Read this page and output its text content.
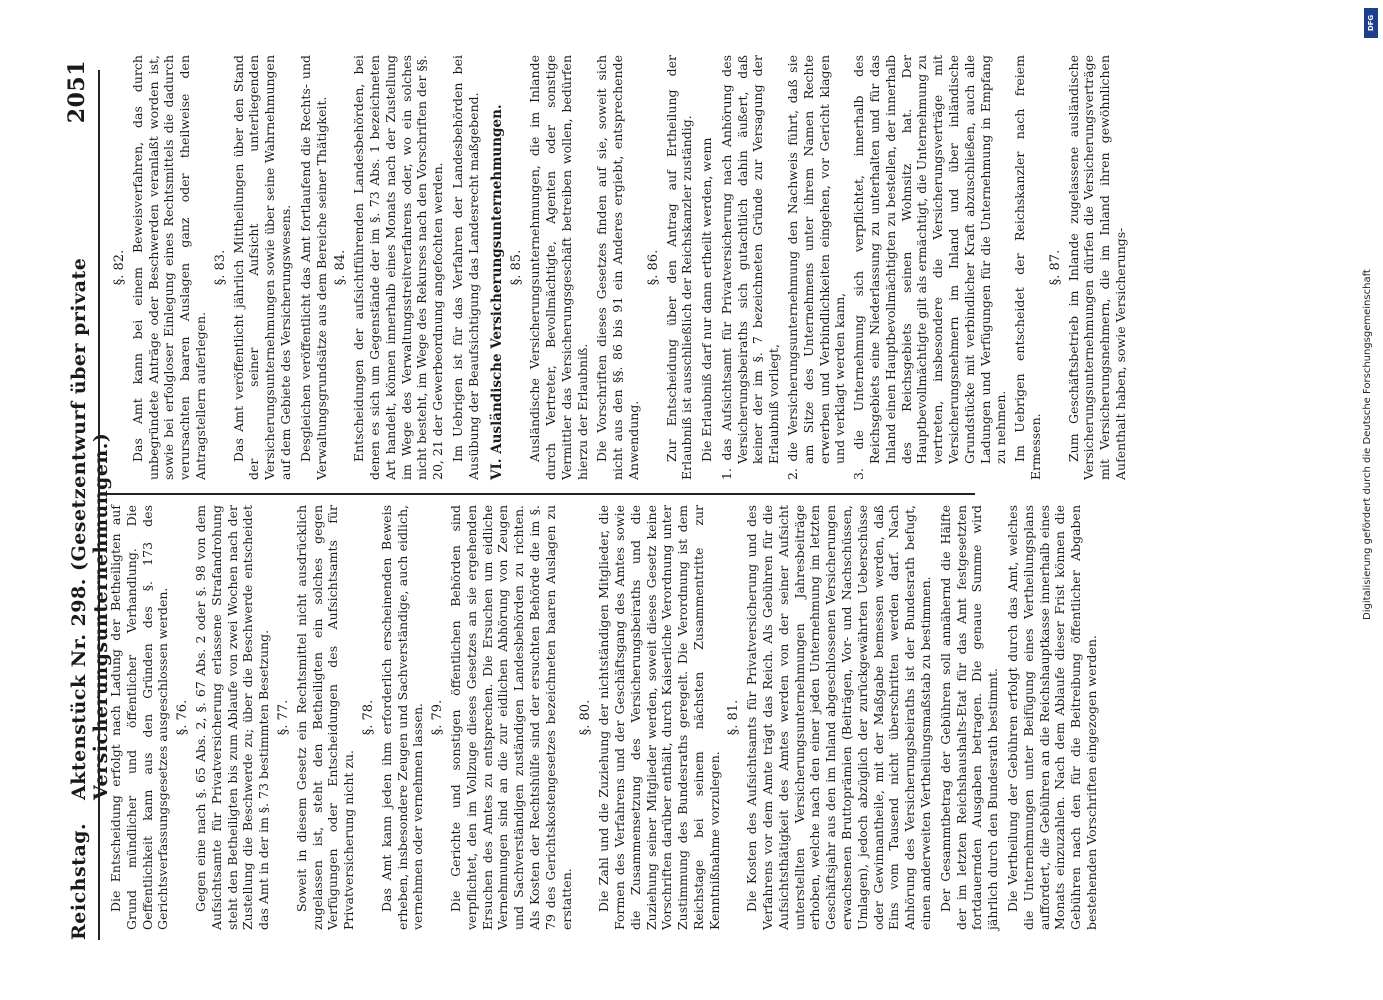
Reichstag.
Aktenstück Nr. 298. (Gesetzentwurf über private Versicherungsunternehmungen.)
2051

Die Entscheidung erfolgt nach Ladung der Betheiligten auf Grund mündlicher und öffentlicher Verhandlung. Die Oeffentlichkeit kann aus den Gründen des §. 173 des Gerichtsverfassungsgesetzes ausgeschlossen werden. §. 76. Gegen eine nach §. 65 Abs. 2, §. 67 Abs. 2 oder §. 98 von dem Aufsichtsamte für Privatversicherung erlassene Strafandrohung steht den Betheiligten bis zum Ablaufe von zwei Wochen nach der Zustellung die Beschwerde zu; über die Beschwerde entscheidet das Amt in der im §. 73 bestimmten Besetzung. §. 77. Soweit in diesem Gesetz ein Rechtsmittel nicht ausdrücklich zugelassen ist, steht den Betheiligten ein solches gegen Verfügungen oder Entscheidungen des Aufsichtsamts für Privatversicherung nicht zu.

§. 78. Das Amt kann jeden ihm erforderlich erscheinenden Beweis erheben, insbesondere Zeugen und Sachverständige, auch eidlich, vernehmen oder vernehmen lassen. §. 79. Die Gerichte und sonstigen öffentlichen Behörden sind verpflichtet, den im Vollzuge dieses Gesetzes an sie ergehenden Ersuchen des Amtes zu entsprechen. Die Ersuchen um eidliche Vernehmungen sind an die zur eidlichen Abhörung von Zeugen und Sachverständigen zuständigen Landesbehörden zu richten. Als Kosten der Rechtshülfe sind der ersuchten Behörde die im §. 79 des Gerichtskostengesetzes bezeichneten baaren Auslagen zu erstatten.

§. 80. Die Zahl und die Zuziehung der nichtständigen Mitglieder, die Formen des Verfahrens und der Geschäftsgang des Amtes sowie die Zusammensetzung des Versicherungsbeiraths und die Zuziehung seiner Mitglieder werden, soweit dieses Gesetz keine Vorschriften darüber enthält, durch Kaiserliche Verordnung unter Zustimmung des Bundesraths geregelt. Die Verordnung ist dem Reichstage bei seinem nächsten Zusammentritte zur Kenntnißnahme vorzulegen.

§. 81. Die Kosten des Aufsichtsamts für Privatversicherung und des Verfahrens vor dem Amte trägt das Reich. Als Gebühren für die Aufsichtsthätigkeit des Amtes werden von der seiner Aufsicht unterstellten Versicherungsunternehmungen Jahresbeiträge erhoben, welche nach den einer jeden Unternehmung im letzten Geschäftsjahr aus den im Inland abgeschlossenen Versicherungen erwachsenen Bruttoprämien (Beiträgen, Vor- und Nachschüssen, Umlagen), jedoch abzüglich der zurückgewährten Ueberschüsse oder Gewinnantheile, mit der Maßgabe bemessen werden, daß Eins vom Tausend nicht überschritten werden darf. Nach Anhörung des Versicherungsbeiraths ist der Bundesrath befugt, einen anderweiten Vertheilungsmaßstab zu bestimmen. Der Gesammtbetrag der Gebühren soll annähernd die Hälfte der im letzten Reichshaushalts-Etat für das Amt festgesetzten fortdauernden Ausgaben betragen. Die genaue Summe wird jährlich durch den Bundesrath bestimmt. Die Vertheilung der Gebühren erfolgt durch das Amt, welches die Unternehmungen unter Beifügung eines Vertheilungsplans auffordert, die Gebühren an die Reichshauptkasse innerhalb eines Monats einzuzahlen. Nach dem Ablaufe dieser Frist können die Gebühren nach den für die Beitreibung öffentlicher Abgaben bestehenden Vorschriften eingezogen werden.

§. 82. Das Amt kann bei einem Beweisverfahren, das durch unbegründete Anträge oder Beschwerden veranlaßt worden ist, sowie bei erfolgloser Einlegung eines Rechtsmittels die dadurch verursachten baaren Auslagen ganz oder theilweise den Antragstellern auferlegen.

§. 83. Das Amt veröffentlicht jährlich Mittheilungen über den Stand der seiner Aufsicht unterliegenden Versicherungsunternehmungen sowie über seine Wahrnehmungen auf dem Gebiete des Versicherungswesens. Desgleichen veröffentlicht das Amt fortlaufend die Rechts- und Verwaltungsgrundsätze aus dem Bereiche seiner Thätigkeit. §. 84. Entscheidungen der aufsichtführenden Landesbehörden, bei denen es sich um Gegenstände der im §. 73 Abs. 1 bezeichneten Art handelt, können innerhalb eines Monats nach der Zustellung im Wege des Verwaltungsstreitverfahrens oder, wo ein solches nicht besteht, im Wege des Rekurses nach den Vorschriften der §§. 20, 21 der Gewerbeordnung angefochten werden. Im Uebrigen ist für das Verfahren der Landesbehörden bei Ausübung der Beaufsichtigung das Landesrecht maßgebend. VI. Ausländische Versicherungsunternehmungen. §. 85. Ausländische Versicherungsunternehmungen, die im Inlande durch Vertreter, Bevollmächtigte, Agenten oder sonstige Vermittler das Versicherungsgeschäft betreiben wollen, bedürfen hierzu der Erlaubniß. Die Vorschriften dieses Gesetzes finden auf sie, soweit sich nicht aus den §§. 86 bis 91 ein Anderes ergiebt, entsprechende Anwendung.

§. 86. Zur Entscheidung über den Antrag auf Ertheilung der Erlaubniß ist ausschließlich der Reichskanzler zuständig. Die Erlaubniß darf nur dann ertheilt werden, wenn 1. das Aufsichtsamt für Privatversicherung nach Anhörung des Versicherungsbeiraths sich gutachtlich dahin äußert, daß keiner der im §. 7 bezeichneten Gründe zur Versagung der Erlaubniß vorliegt, 2. die Versicherungsunternehmung den Nachweis führt, daß sie am Sitze des Unternehmens unter ihrem Namen Rechte erwerben und Verbindlichkeiten eingehen, vor Gericht klagen und verklagt werden kann, 3. die Unternehmung sich verpflichtet, innerhalb des Reichsgebiets eine Niederlassung zu unterhalten und für das Inland einen Hauptbevollmächtigten zu bestellen, der innerhalb des Reichsgebiets seinen Wohnsitz hat. Der Hauptbevollmächtigte gilt als ermächtigt, die Unternehmung zu vertreten, insbesondere die Versicherungsverträge mit Versicherungsnehmern im Inland und über inländische Grundstücke mit verbindlicher Kraft abzuschließen, auch alle Ladungen und Verfügungen für die Unternehmung in Empfang zu nehmen. Im Uebrigen entscheidet der Reichskanzler nach freiem Ermessen.

§. 87. Zum Geschäftsbetrieb im Inlande zugelassene ausländische Versicherungsunternehmungen dürfen die Versicherungsverträge mit Versicherungsnehmern, die im Inland ihren gewöhnlichen Aufenthalt haben, sowie Versicherungs-

DFG
Digitalisierung gefördert durch die Deutsche Forschungsgemeinschaft
